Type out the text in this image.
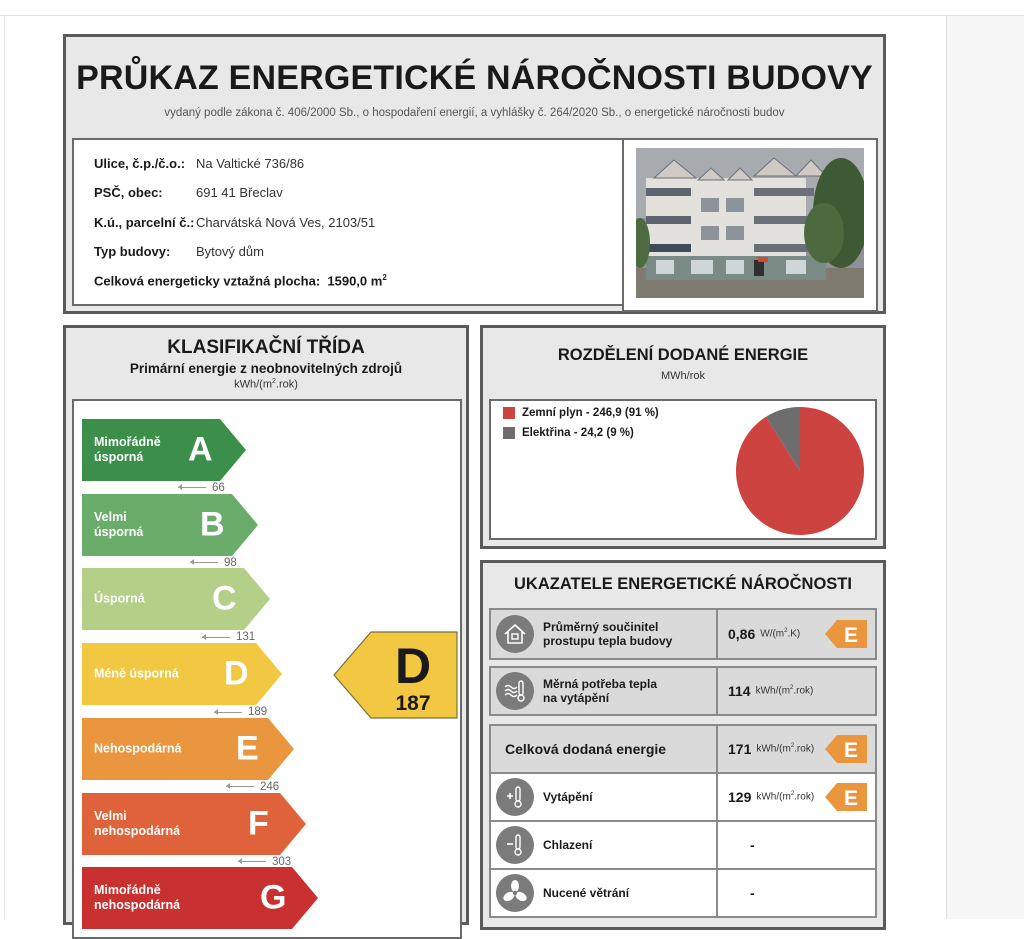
PRŮKAZ ENERGETICKÉ NÁROČNOSTI BUDOVY
vydaný podle zákona č. 406/2000 Sb., o hospodaření energií, a vyhlášky č. 264/2020 Sb., o energetické náročnosti budov
Ulice, č.p./č.o.: Na Valtické 736/86
PSČ, obec:	691 41 Břeclav
K.ú., parcelní č.: Charvátská Nová Ves, 2103/51
Typ budovy:	Bytový dům
Celková energeticky vztažná plocha: 1590,0 $m^2$
KLASIFIKAČNÍ TŘÍDA
Primární energie z neobnovitelných zdrojů
kWh/$(m^2.rok)$
Mimořádně
úsporná	A
66
Velmi
úsporná B
98
Úsporná C
131
Méně úsporná D
189
Nehospodárná E
246
Velmi
nehospodárná F
303
Mimořádně
nehospodárná G
D
187
ROZDĚLENÍ DODANÉ ENERGIE
MWh/rok
Zemní plyn - 246,9 (91 %)
Elektřina - 24,2 (9 %)
UKAZATELE ENERGETICKÉ NÁROČNOSTI
Průměrný součinitel
prostupu tepla budovy	0,86 $W/(m^2.K)$ E
Měrná potřeba tepla
na vytápění	114 kWh/$(m^2.rok)$
Celková dodaná energie	171 kWh/$(m^2.rok)$ E
Vytápění	129 kWh/$(m^2.rok)$ E
Chlazení	-
Nucené větrání	-
